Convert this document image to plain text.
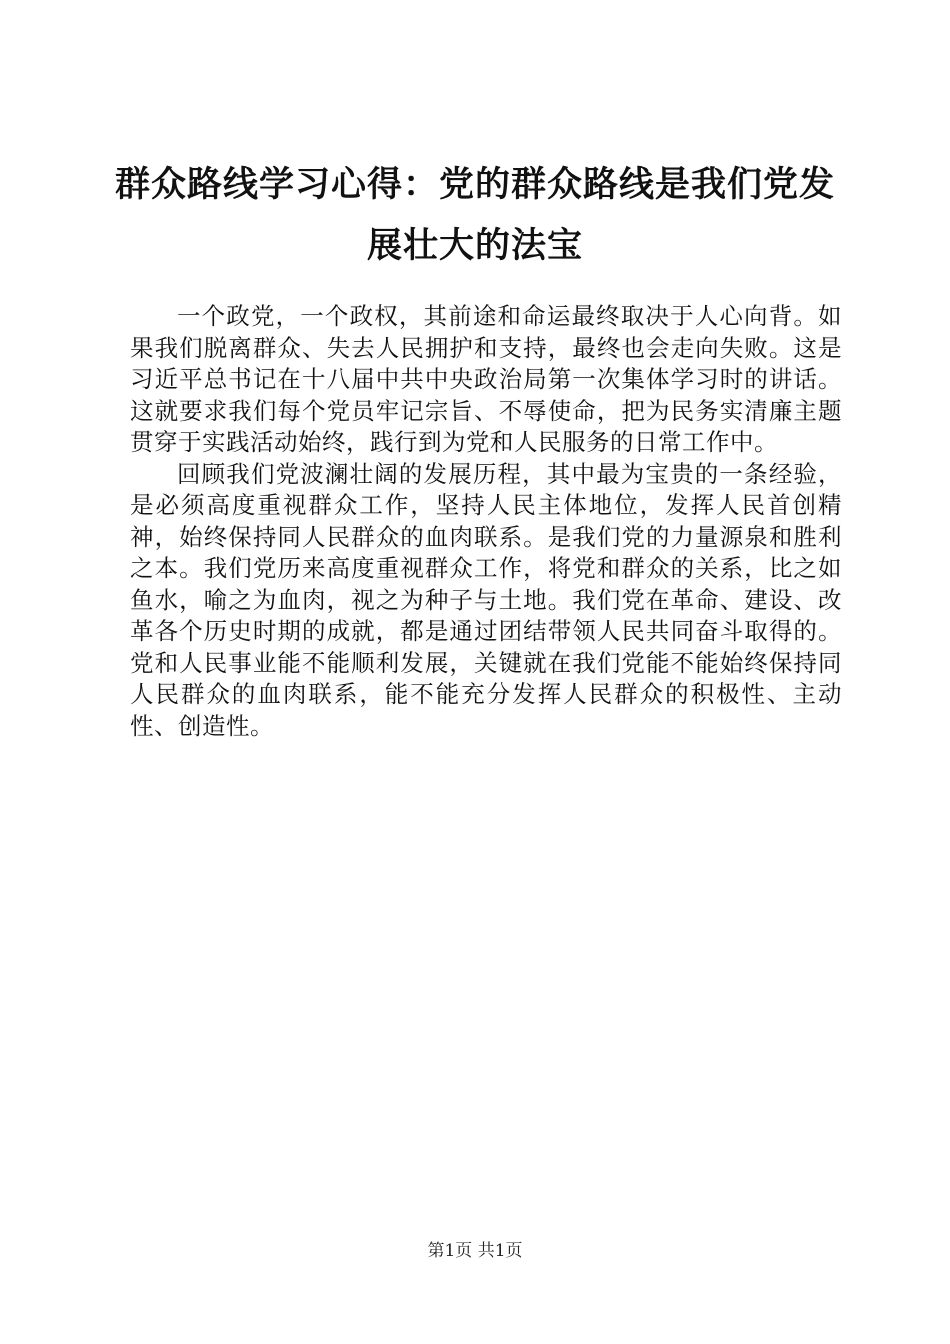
群众路线学习心得：党的群众路线是我们党发
展壮大的法宝

一个政党，一个政权，其前途和命运最终取决于人心向背。如果我们脱离群众、失去人民拥护和支持，最终也会走向失败。这是习近平总书记在十八届中共中央政治局第一次集体学习时的讲话。这就要求我们每个党员牢记宗旨、不辱使命，把为民务实清廉主题贯穿于实践活动始终，践行到为党和人民服务的日常工作中。

回顾我们党波澜壮阔的发展历程，其中最为宝贵的一条经验，是必须高度重视群众工作，坚持人民主体地位，发挥人民首创精神，始终保持同人民群众的血肉联系。是我们党的力量源泉和胜利之本。我们党历来高度重视群众工作，将党和群众的关系，比之如鱼水，喻之为血肉，视之为种子与土地。我们党在革命、建设、改革各个历史时期的成就，都是通过团结带领人民共同奋斗取得的。党和人民事业能不能顺利发展，关键就在我们党能不能始终保持同人民群众的血肉联系，能不能充分发挥人民群众的积极性、主动性、创造性。

第1页 共1页
